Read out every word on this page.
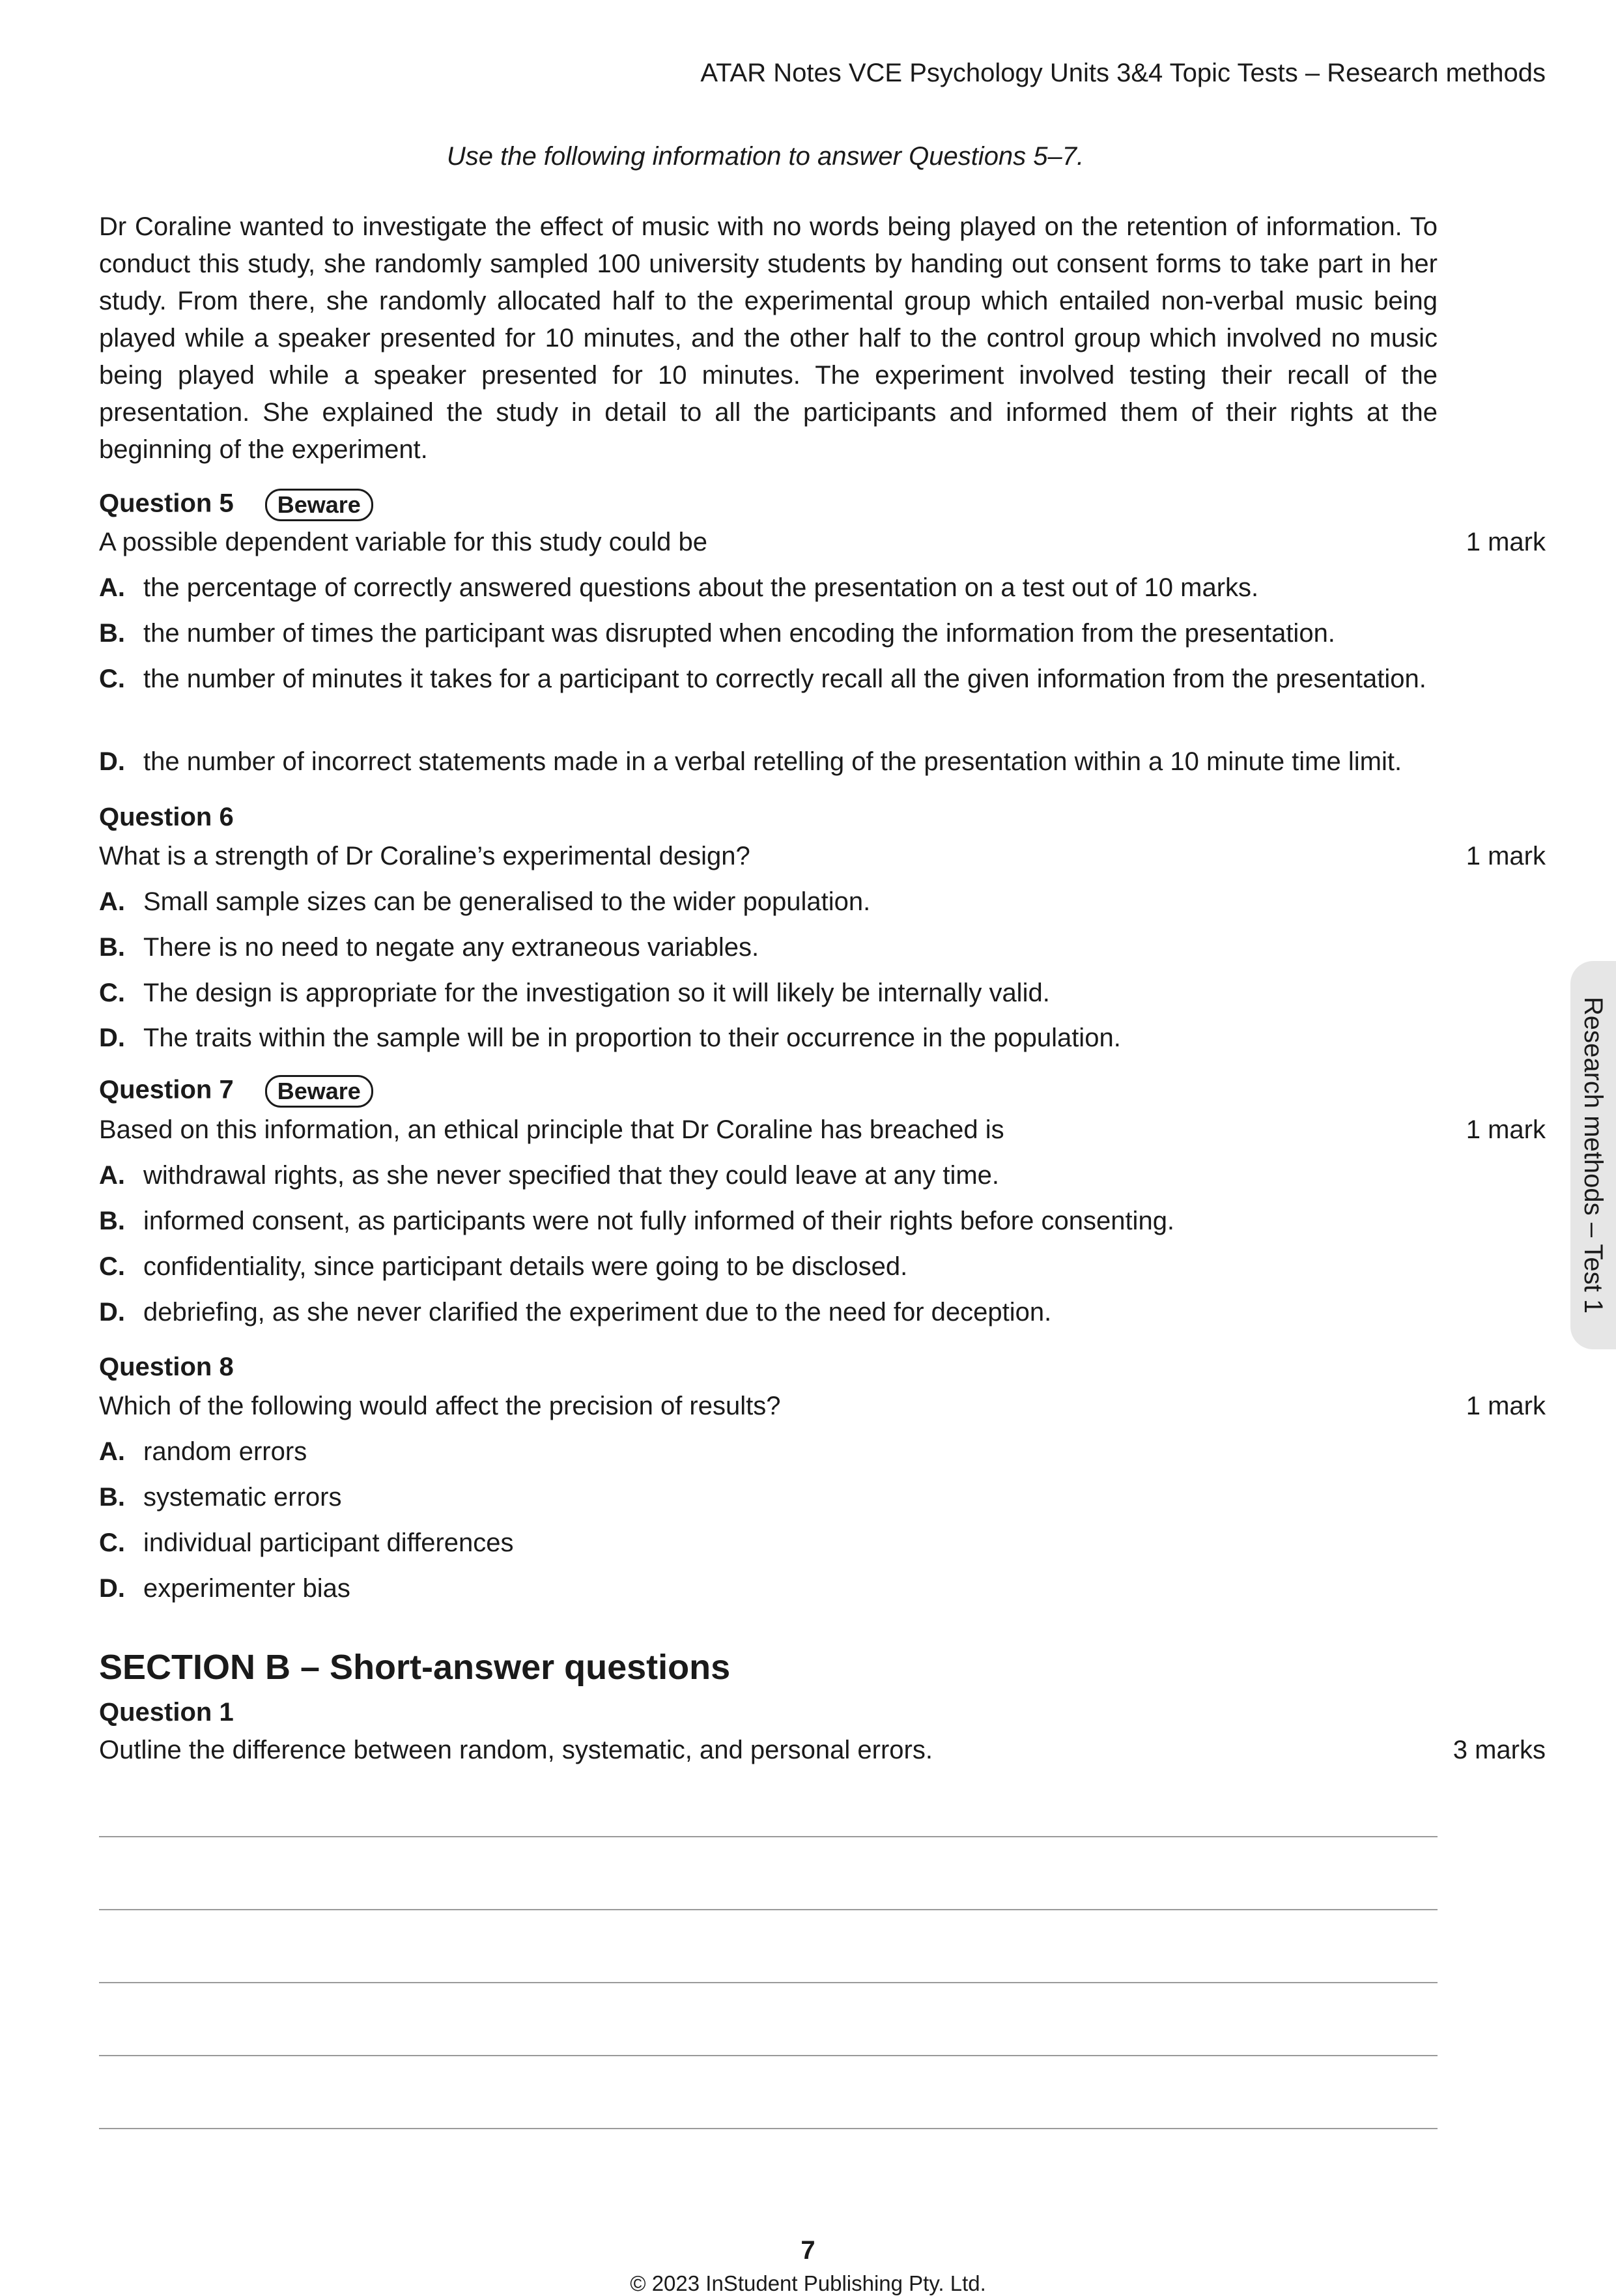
ATAR Notes VCE Psychology Units 3&4 Topic Tests – Research methods
Use the following information to answer Questions 5–7.
Dr Coraline wanted to investigate the effect of music with no words being played on the retention of information. To conduct this study, she randomly sampled 100 university students by handing out consent forms to take part in her study. From there, she randomly allocated half to the experimental group which entailed non-verbal music being played while a speaker presented for 10 minutes, and the other half to the control group which involved no music being played while a speaker presented for 10 minutes. The experiment involved testing their recall of the presentation. She explained the study in detail to all the participants and informed them of their rights at the beginning of the experiment.
Question 5 Beware
A possible dependent variable for this study could be	1 mark
A. the percentage of correctly answered questions about the presentation on a test out of 10 marks.
B. the number of times the participant was disrupted when encoding the information from the presentation.
C. the number of minutes it takes for a participant to correctly recall all the given information from the presentation.
D. the number of incorrect statements made in a verbal retelling of the presentation within a 10 minute time limit.
Question 6
What is a strength of Dr Coraline’s experimental design?	1 mark
A. Small sample sizes can be generalised to the wider population.
B. There is no need to negate any extraneous variables.
C. The design is appropriate for the investigation so it will likely be internally valid.
D. The traits within the sample will be in proportion to their occurrence in the population.
Question 7 Beware
Based on this information, an ethical principle that Dr Coraline has breached is	1 mark
A. withdrawal rights, as she never specified that they could leave at any time.
B. informed consent, as participants were not fully informed of their rights before consenting.
C. confidentiality, since participant details were going to be disclosed.
D. debriefing, as she never clarified the experiment due to the need for deception.
Question 8
Which of the following would affect the precision of results?	1 mark
A. random errors
B. systematic errors
C. individual participant differences
D. experimenter bias
SECTION B – Short-answer questions
Question 1
Outline the difference between random, systematic, and personal errors.	3 marks
Research methods – Test 1
7
© 2023 InStudent Publishing Pty. Ltd.
